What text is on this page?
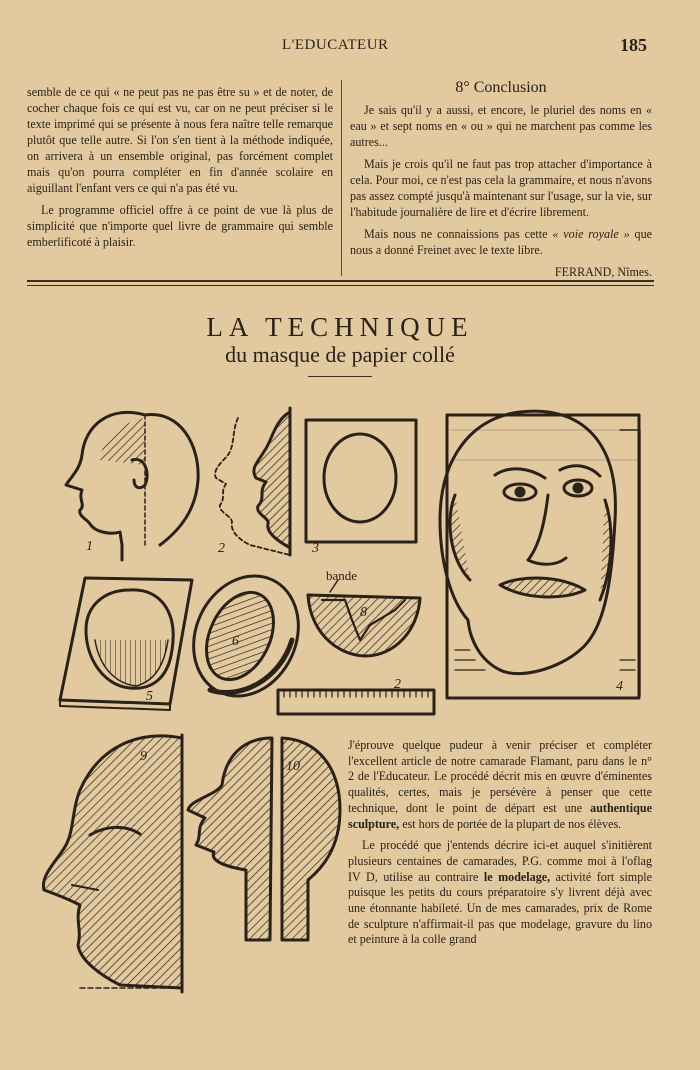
L'EDUCATEUR	185

semble de ce qui « ne peut pas ne pas être su » et de noter, de cocher chaque fois ce qui est vu, car on ne peut préciser si le texte imprimé qui se présente à nous fera naître telle remarque plutôt que telle autre. Si l'on s'en tient à la méthode indiquée, on arrivera à un ensemble original, pas forcément complet mais qu'on pourra compléter en fin d'année scolaire en aiguillant l'enfant vers ce qui n'a pas été vu.

Le programme officiel offre à ce point de vue là plus de simplicité que n'importe quel livre de grammaire qui semble emberlificoté à plaisir.

8° Conclusion

Je sais qu'il y a aussi, et encore, le pluriel des noms en « eau » et sept noms en « ou » qui ne marchent pas comme les autres...

Mais je crois qu'il ne faut pas trop attacher d'importance à cela. Pour moi, ce n'est pas cela la grammaire, et nous n'avons pas assez compté jusqu'à maintenant sur l'usage, sur la vie, sur l'habitude journalière de lire et d'écrire librement.

Mais nous ne connaissions pas cette « voie royale » que nous a donné Freinet avec le texte libre.

FERRAND, Nîmes.
LA TECHNIQUE
du masque de papier collé
1	2	3
4
5
6
8
9
10
2
bande

J'éprouve quelque pudeur à venir préciser et compléter l'excellent article de notre camarade Flamant, paru dans le n° 2 de l'Educateur. Le procédé décrit mis en œuvre d'éminentes qualités, certes, mais je persévère à penser que cette technique, dont le point de départ est une authentique sculpture, est hors de portée de la plupart de nos élèves.

Le procédé que j'entends décrire ici-et auquel s'initièrent plusieurs centaines de camarades, P.G. comme moi à l'oflag IV D, utilise au contraire le modelage, activité fort simple puisque les petits du cours préparatoire s'y livrent déjà avec une étonnante habileté. Un de mes camarades, prix de Rome de sculpture n'affirmait-il pas que modelage, gravure du lino et peinture à la colle grand
